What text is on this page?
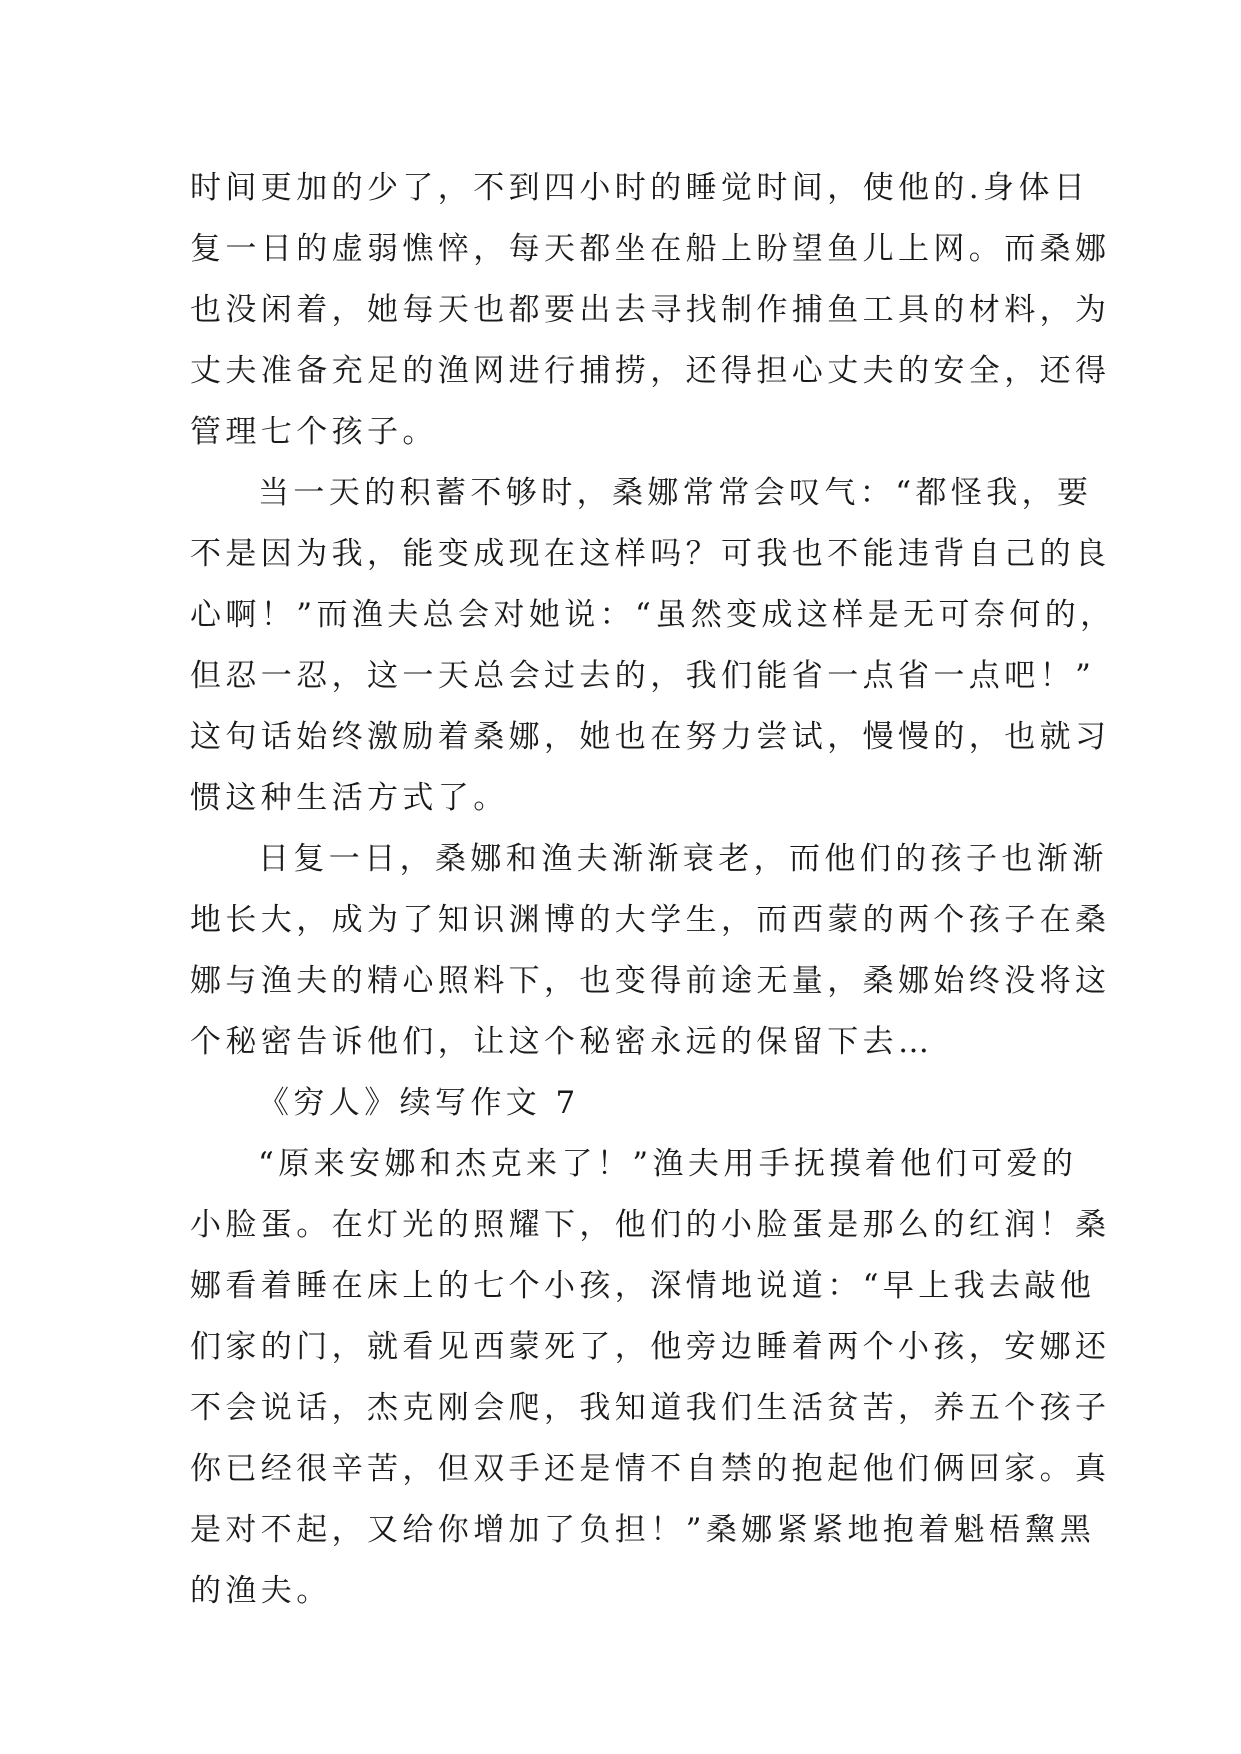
时间更加的少了，不到四小时的睡觉时间，使他的.身体日
复一日的虚弱憔悴，每天都坐在船上盼望鱼儿上网。而桑娜
也没闲着，她每天也都要出去寻找制作捕鱼工具的材料，为
丈夫准备充足的渔网进行捕捞，还得担心丈夫的安全，还得
管理七个孩子。
当一天的积蓄不够时，桑娜常常会叹气：“都怪我，要
不是因为我，能变成现在这样吗？可我也不能违背自己的良
心啊！”而渔夫总会对她说：“虽然变成这样是无可奈何的，
但忍一忍，这一天总会过去的，我们能省一点省一点吧！”
这句话始终激励着桑娜，她也在努力尝试，慢慢的，也就习
惯这种生活方式了。
日复一日，桑娜和渔夫渐渐衰老，而他们的孩子也渐渐
地长大，成为了知识渊博的大学生，而西蒙的两个孩子在桑
娜与渔夫的精心照料下，也变得前途无量，桑娜始终没将这
个秘密告诉他们，让这个秘密永远的保留下去…
《穷人》续写作文 7
“原来安娜和杰克来了！”渔夫用手抚摸着他们可爱的
小脸蛋。在灯光的照耀下，他们的小脸蛋是那么的红润！桑
娜看着睡在床上的七个小孩，深情地说道：“早上我去敲他
们家的门，就看见西蒙死了，他旁边睡着两个小孩，安娜还
不会说话，杰克刚会爬，我知道我们生活贫苦，养五个孩子
你已经很辛苦，但双手还是情不自禁的抱起他们俩回家。真
是对不起，又给你增加了负担！”桑娜紧紧地抱着魁梧黧黑
的渔夫。
